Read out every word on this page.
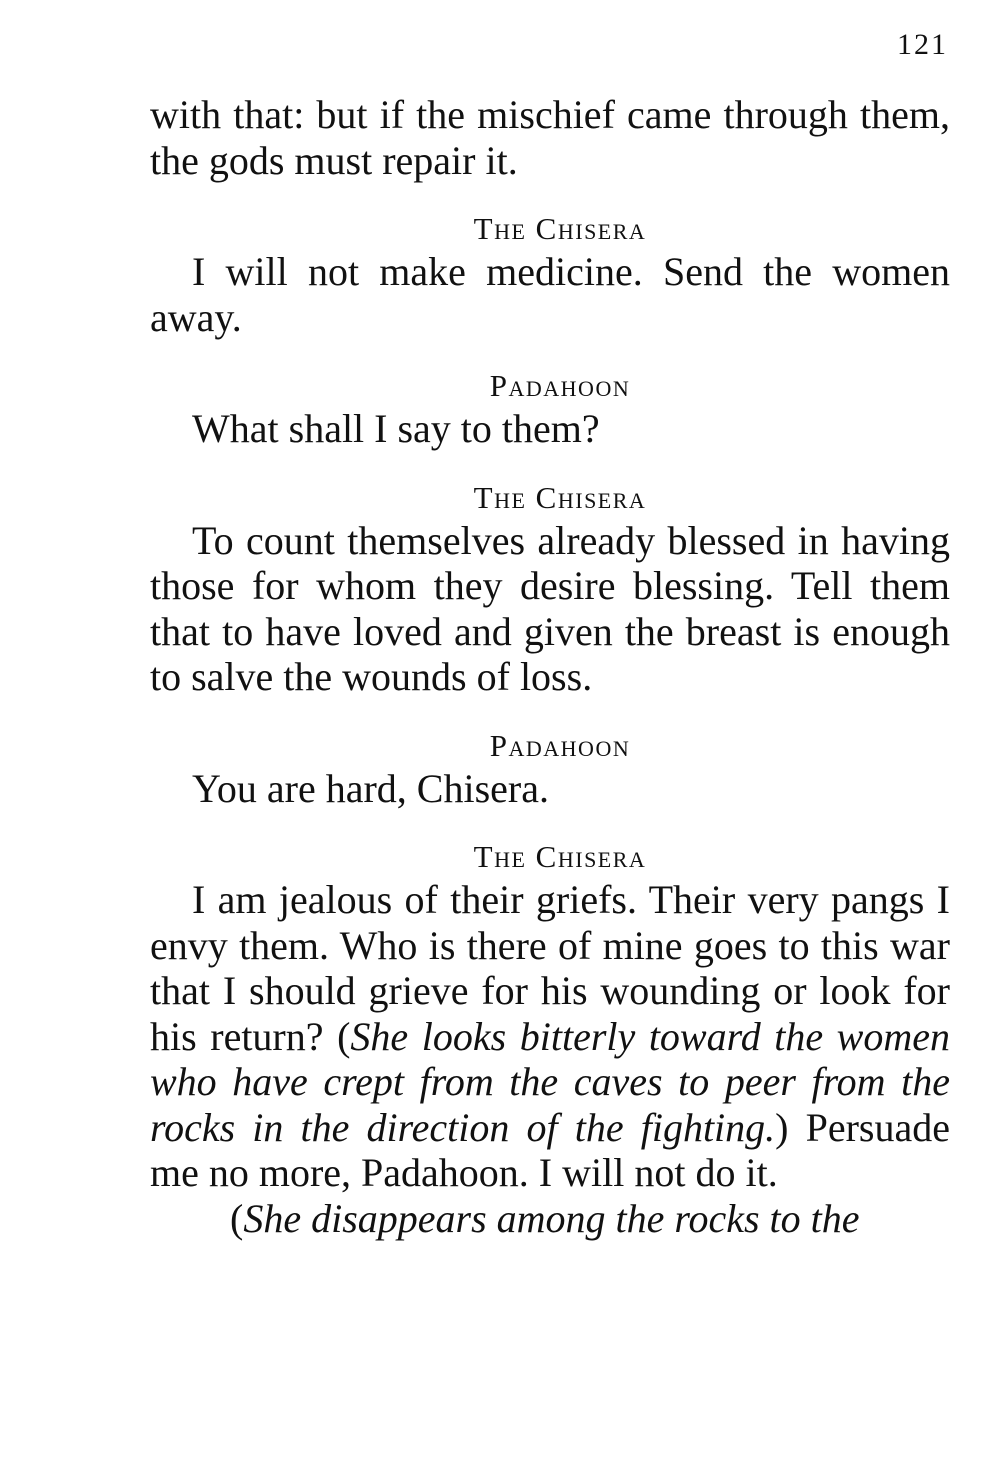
121

with that: but if the mischief came through them, the gods must repair it.

The Chisera

I will not make medicine. Send the women away.

Padahoon

What shall I say to them?

The Chisera

To count themselves already blessed in having those for whom they desire blessing. Tell them that to have loved and given the breast is enough to salve the wounds of loss.

Padahoon

You are hard, Chisera.

The Chisera

I am jealous of their griefs. Their very pangs I envy them. Who is there of mine goes to this war that I should grieve for his wounding or look for his return? (She looks bitterly toward the women who have crept from the caves to peer from the rocks in the direction of the fighting.) Persuade me no more, Padahoon. I will not do it.

(She disappears among the rocks to the
